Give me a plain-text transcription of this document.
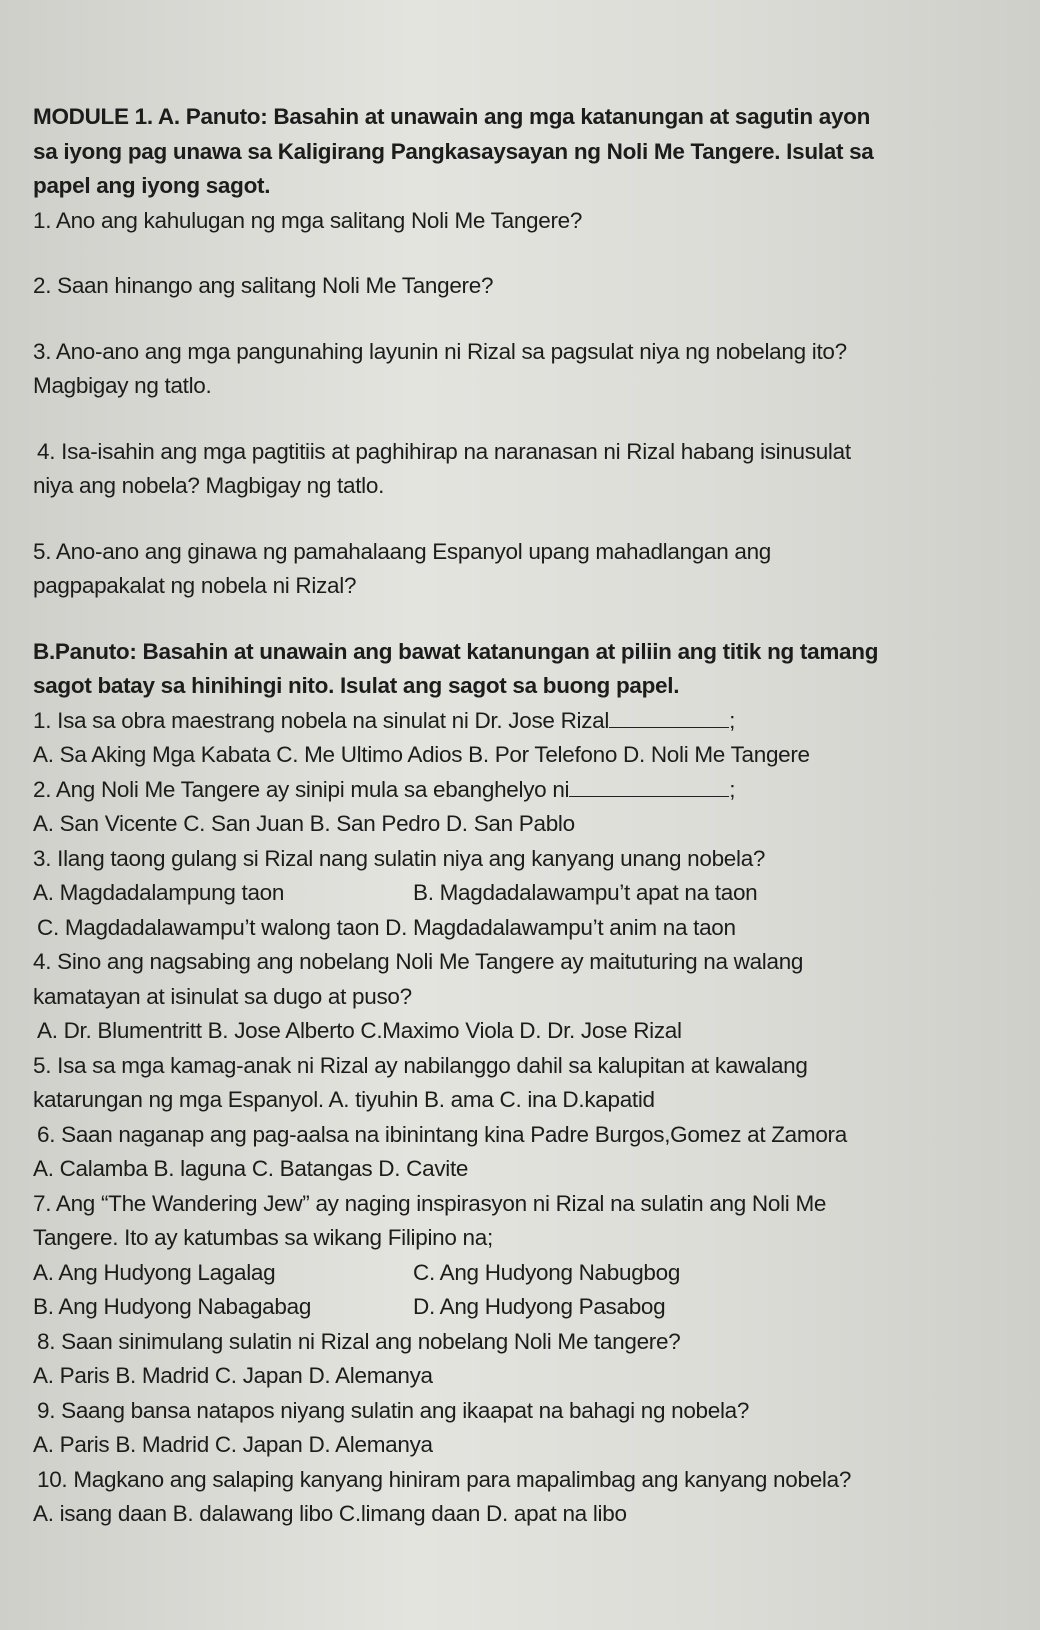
MODULE 1. A. Panuto: Basahin at unawain ang mga katanungan at sagutin ayon
sa iyong pag unawa sa Kaligirang Pangkasaysayan ng Noli Me Tangere. Isulat sa
papel ang iyong sagot.
1. Ano ang kahulugan ng mga salitang Noli Me Tangere?
2. Saan hinango ang salitang Noli Me Tangere?
3. Ano-ano ang mga pangunahing layunin ni Rizal sa pagsulat niya ng nobelang ito?
Magbigay ng tatlo.
4. Isa-isahin ang mga pagtitiis at paghihirap na naranasan ni Rizal habang isinusulat
niya ang nobela? Magbigay ng tatlo.
5. Ano-ano ang ginawa ng pamahalaang Espanyol upang mahadlangan ang
pagpapakalat ng nobela ni Rizal?
B.Panuto: Basahin at unawain ang bawat katanungan at piliin ang titik ng tamang
sagot batay sa hinihingi nito. Isulat ang sagot sa buong papel.
1. Isa sa obra maestrang nobela na sinulat ni Dr. Jose Rizal	;
A. Sa Aking Mga Kabata C. Me Ultimo Adios B. Por Telefono D. Noli Me Tangere
2. Ang Noli Me Tangere ay sinipi mula sa ebanghelyo ni	;
A. San Vicente C. San Juan B. San Pedro D. San Pablo
3. Ilang taong gulang si Rizal nang sulatin niya ang kanyang unang nobela?
A. Magdadalampung taon	B. Magdadalawampu’t apat na taon
C. Magdadalawampu’t walong taon D. Magdadalawampu’t anim na taon
4. Sino ang nagsabing ang nobelang Noli Me Tangere ay maituturing na walang
kamatayan at isinulat sa dugo at puso?
A. Dr. Blumentritt B. Jose Alberto C.Maximo Viola D. Dr. Jose Rizal
5. Isa sa mga kamag-anak ni Rizal ay nabilanggo dahil sa kalupitan at kawalang
katarungan ng mga Espanyol. A. tiyuhin B. ama C. ina D.kapatid
6. Saan naganap ang pag-aalsa na ibinintang kina Padre Burgos,Gomez at Zamora
A. Calamba B. laguna C. Batangas D. Cavite
7. Ang “The Wandering Jew” ay naging inspirasyon ni Rizal na sulatin ang Noli Me
Tangere. Ito ay katumbas sa wikang Filipino na;
A. Ang Hudyong Lagalag	C. Ang Hudyong Nabugbog
B. Ang Hudyong Nabagabag	D. Ang Hudyong Pasabog
8. Saan sinimulang sulatin ni Rizal ang nobelang Noli Me tangere?
A. Paris B. Madrid C. Japan D. Alemanya
9. Saang bansa natapos niyang sulatin ang ikaapat na bahagi ng nobela?
A. Paris B. Madrid C. Japan D. Alemanya
10. Magkano ang salaping kanyang hiniram para mapalimbag ang kanyang nobela?
A. isang daan B. dalawang libo C.limang daan D. apat na libo
